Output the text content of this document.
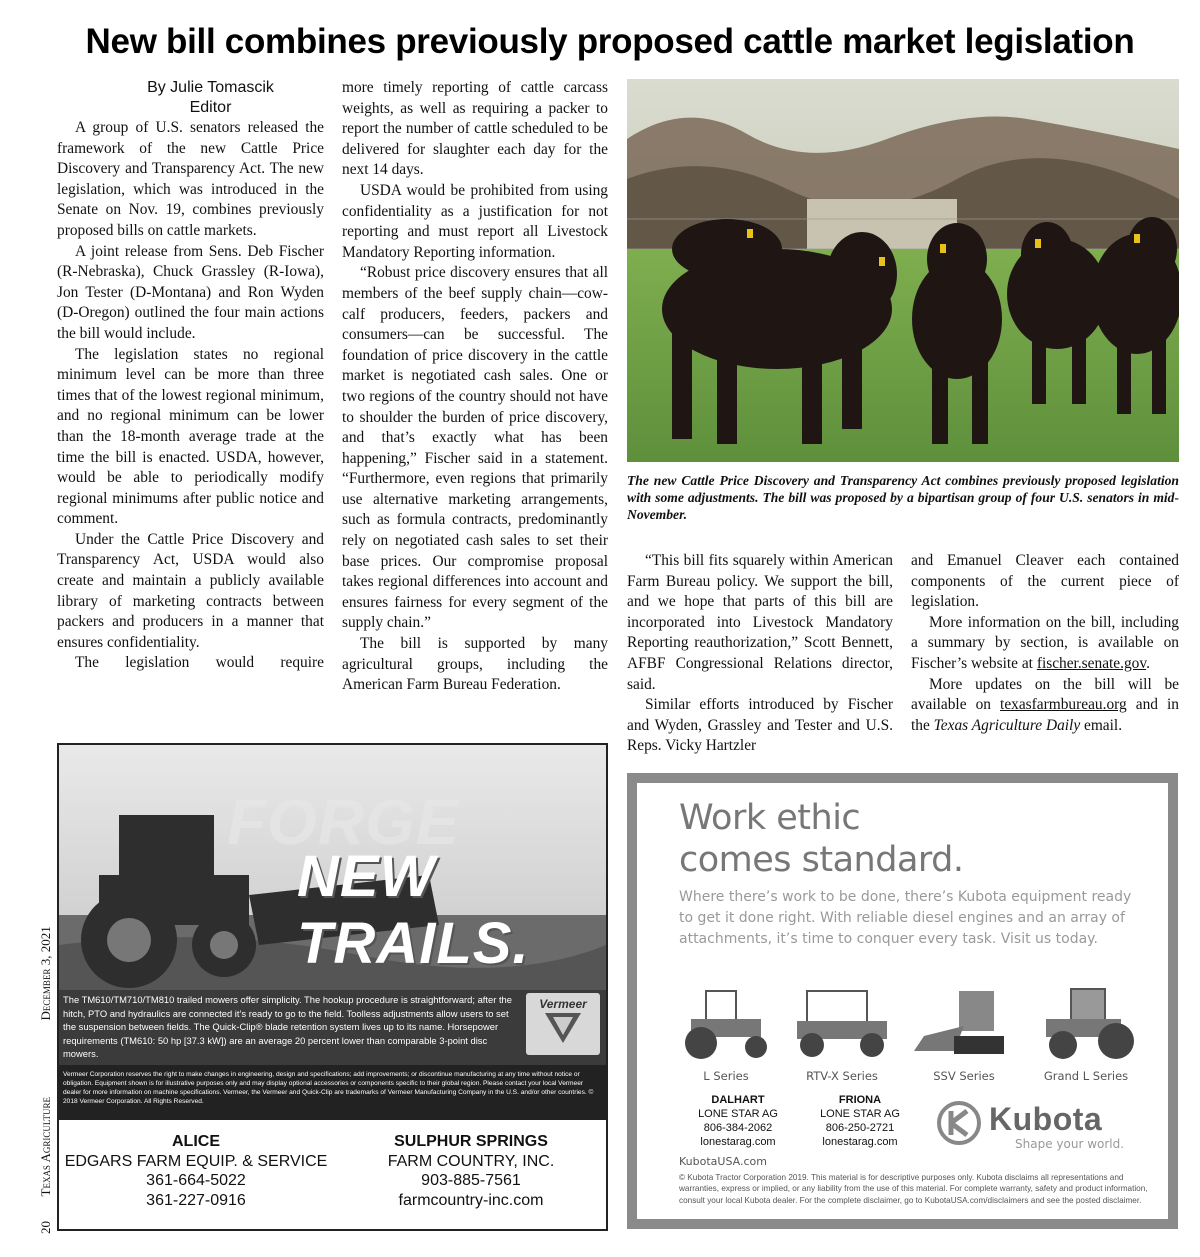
New bill combines previously proposed cattle market legislation
By Julie Tomascik
Editor

A group of U.S. senators released the framework of the new Cattle Price Discovery and Transparency Act. The new legislation, which was introduced in the Senate on Nov. 19, combines previously proposed bills on cattle markets.

A joint release from Sens. Deb Fischer (R-Nebraska), Chuck Grassley (R-Iowa), Jon Tester (D-Montana) and Ron Wyden (D-Oregon) outlined the four main actions the bill would include.

The legislation states no regional minimum level can be more than three times that of the lowest regional minimum, and no regional minimum can be lower than the 18-month average trade at the time the bill is enacted. USDA, however, would be able to periodically modify regional minimums after public notice and comment.

Under the Cattle Price Discovery and Transparency Act, USDA would also create and maintain a publicly available library of marketing contracts between packers and producers in a manner that ensures confidentiality.

The legislation would require

more timely reporting of cattle carcass weights, as well as requiring a packer to report the number of cattle scheduled to be delivered for slaughter each day for the next 14 days.

USDA would be prohibited from using confidentiality as a justification for not reporting and must report all Livestock Mandatory Reporting information.

“Robust price discovery ensures that all members of the beef supply chain—cow-calf producers, feeders, packers and consumers—can be successful. The foundation of price discovery in the cattle market is negotiated cash sales. One or two regions of the country should not have to shoulder the burden of price discovery, and that’s exactly what has been happening,” Fischer said in a statement. “Furthermore, even regions that primarily use alternative marketing arrangements, such as formula contracts, predominantly rely on negotiated cash sales to set their base prices. Our compromise proposal takes regional differences into account and ensures fairness for every segment of the supply chain.”

The bill is supported by many agricultural groups, including the American Farm Bureau Federation.

The new Cattle Price Discovery and Transparency Act combines previously proposed legislation with some adjustments. The bill was proposed by a bipartisan group of four U.S. senators in mid-November.

“This bill fits squarely within American Farm Bureau policy. We support the bill, and we hope that parts of this bill are incorporated into Livestock Mandatory Reporting reauthorization,” Scott Bennett, AFBF Congressional Relations director, said.

Similar efforts introduced by Fischer and Wyden, Grassley and Tester and U.S. Reps. Vicky Hartzler

and Emanuel Cleaver each contained components of the current piece of legislation.

More information on the bill, including a summary by section, is available on Fischer’s website at fischer.senate.gov.

More updates on the bill will be available on texasfarmbureau.org and in the Texas Agriculture Daily email.

20  Texas Agriculture  December 3, 2021
FORGE
NEW TRAILS.
The TM610/TM710/TM810 trailed mowers offer simplicity. The hookup procedure is straightforward; after the hitch, PTO and hydraulics are connected it’s ready to go to the field. Toolless adjustments allow users to set the suspension between fields. The Quick-Clip® blade retention system lives up to its name. Horsepower requirements (TM610: 50 hp [37.3 kW]) are an average 20 percent lower than comparable 3-point disc mowers.
Vermeer
Vermeer Corporation reserves the right to make changes in engineering, design and specifications; add improvements; or discontinue manufacturing at any time without notice or obligation. Equipment shown is for illustrative purposes only and may display optional accessories or components specific to their global region. Please contact your local Vermeer dealer for more information on machine specifications. Vermeer, the Vermeer and Quick-Clip are trademarks of Vermeer Manufacturing Company in the U.S. and/or other countries. © 2018 Vermeer Corporation. All Rights Reserved.
ALICE
EDGARS FARM EQUIP. & SERVICE
361-664-5022
361-227-0916
SULPHUR SPRINGS
FARM COUNTRY, INC.
903-885-7561
farmcountry-inc.com
Work ethic
comes standard.
Where there’s work to be done, there’s Kubota equipment ready to get it done right. With reliable diesel engines and an array of attachments, it’s time to conquer every task. Visit us today.
L Series	RTV-X Series	SSV Series	Grand L Series
DALHART
LONE STAR AG
806-384-2062
lonestarag.com
FRIONA
LONE STAR AG
806-250-2721
lonestarag.com
Kubota
Shape your world.
KubotaUSA.com
© Kubota Tractor Corporation 2019. This material is for descriptive purposes only. Kubota disclaims all representations and warranties, express or implied, or any liability from the use of this material. For complete warranty, safety and product information, consult your local Kubota dealer. For the complete disclaimer, go to KubotaUSA.com/disclaimers and see the posted disclaimer.
